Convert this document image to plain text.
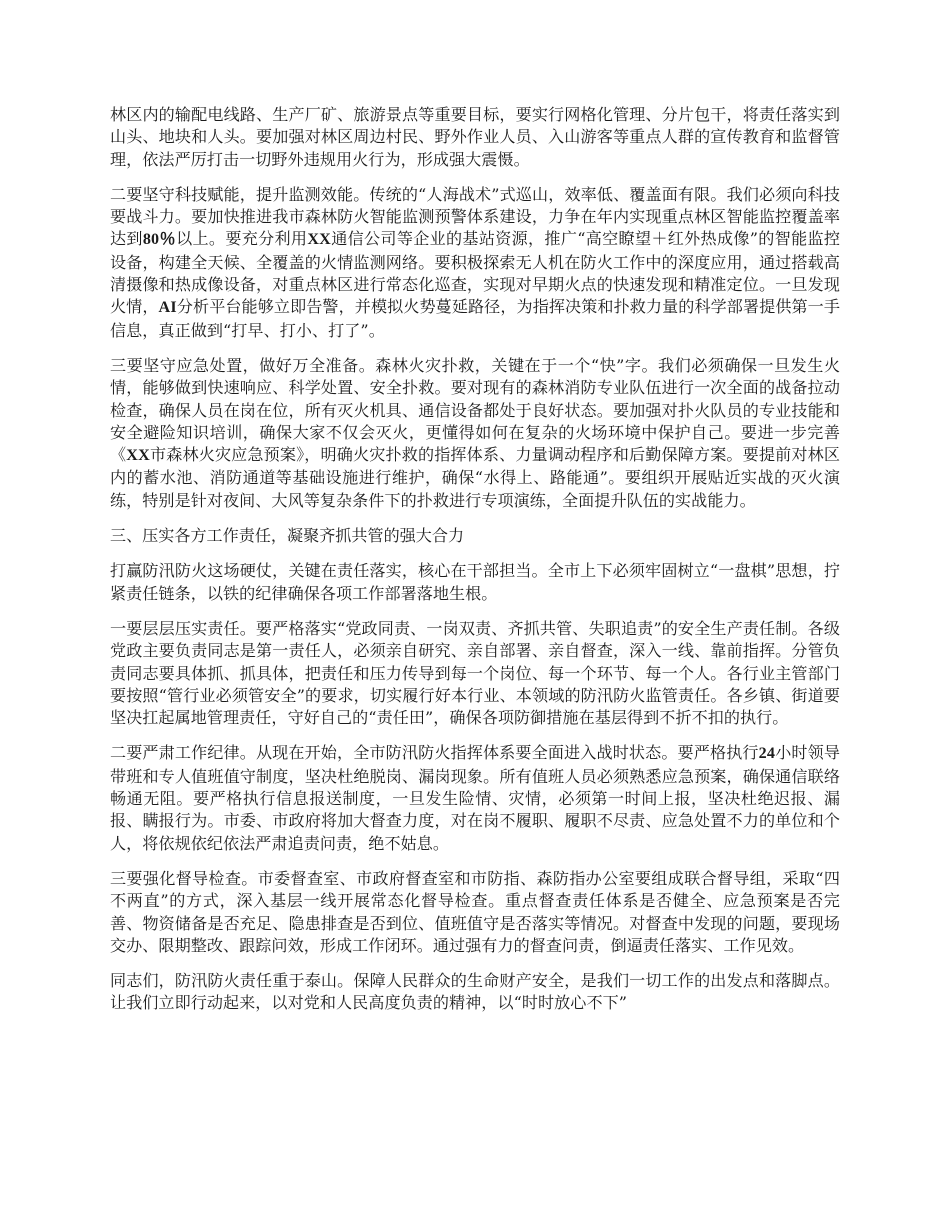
林区内的输配电线路、生产厂矿、旅游景点等重要目标，要实行网格化管理、分片包干，将责任落实到山头、地块和人头。要加强对林区周边村民、野外作业人员、入山游客等重点人群的宣传教育和监督管理，依法严厉打击一切野外违规用火行为，形成强大震慑。

二要坚守科技赋能，提升监测效能。传统的“人海战术”式巡山，效率低、覆盖面有限。我们必须向科技要战斗力。要加快推进我市森林防火智能监测预警体系建设，力争在年内实现重点林区智能监控覆盖率达到80％以上。要充分利用XX通信公司等企业的基站资源，推广“高空瞭望＋红外热成像”的智能监控设备，构建全天候、全覆盖的火情监测网络。要积极探索无人机在防火工作中的深度应用，通过搭载高清摄像和热成像设备，对重点林区进行常态化巡查，实现对早期火点的快速发现和精准定位。一旦发现火情，AI分析平台能够立即告警，并模拟火势蔓延路径，为指挥决策和扑救力量的科学部署提供第一手信息，真正做到“打早、打小、打了”。

三要坚守应急处置，做好万全准备。森林火灾扑救，关键在于一个“快”字。我们必须确保一旦发生火情，能够做到快速响应、科学处置、安全扑救。要对现有的森林消防专业队伍进行一次全面的战备拉动检查，确保人员在岗在位，所有灭火机具、通信设备都处于良好状态。要加强对扑火队员的专业技能和安全避险知识培训，确保大家不仅会灭火，更懂得如何在复杂的火场环境中保护自己。要进一步完善《XX市森林火灾应急预案》，明确火灾扑救的指挥体系、力量调动程序和后勤保障方案。要提前对林区内的蓄水池、消防通道等基础设施进行维护，确保“水得上、路能通”。要组织开展贴近实战的灭火演练，特别是针对夜间、大风等复杂条件下的扑救进行专项演练，全面提升队伍的实战能力。

三、压实各方工作责任，凝聚齐抓共管的强大合力

打赢防汛防火这场硬仗，关键在责任落实，核心在干部担当。全市上下必须牢固树立“一盘棋”思想，拧紧责任链条，以铁的纪律确保各项工作部署落地生根。

一要层层压实责任。要严格落实“党政同责、一岗双责、齐抓共管、失职追责”的安全生产责任制。各级党政主要负责同志是第一责任人，必须亲自研究、亲自部署、亲自督查，深入一线、靠前指挥。分管负责同志要具体抓、抓具体，把责任和压力传导到每一个岗位、每一个环节、每一个人。各行业主管部门要按照“管行业必须管安全”的要求，切实履行好本行业、本领域的防汛防火监管责任。各乡镇、街道要坚决扛起属地管理责任，守好自己的“责任田”，确保各项防御措施在基层得到不折不扣的执行。

二要严肃工作纪律。从现在开始，全市防汛防火指挥体系要全面进入战时状态。要严格执行24小时领导带班和专人值班值守制度，坚决杜绝脱岗、漏岗现象。所有值班人员必须熟悉应急预案，确保通信联络畅通无阻。要严格执行信息报送制度，一旦发生险情、灾情，必须第一时间上报，坚决杜绝迟报、漏报、瞒报行为。市委、市政府将加大督查力度，对在岗不履职、履职不尽责、应急处置不力的单位和个人，将依规依纪依法严肃追责问责，绝不姑息。

三要强化督导检查。市委督查室、市政府督查室和市防指、森防指办公室要组成联合督导组，采取“四不两直”的方式，深入基层一线开展常态化督导检查。重点督查责任体系是否健全、应急预案是否完善、物资储备是否充足、隐患排查是否到位、值班值守是否落实等情况。对督查中发现的问题，要现场交办、限期整改、跟踪问效，形成工作闭环。通过强有力的督查问责，倒逼责任落实、工作见效。

同志们，防汛防火责任重于泰山。保障人民群众的生命财产安全，是我们一切工作的出发点和落脚点。让我们立即行动起来，以对党和人民高度负责的精神，以“时时放心不下”
